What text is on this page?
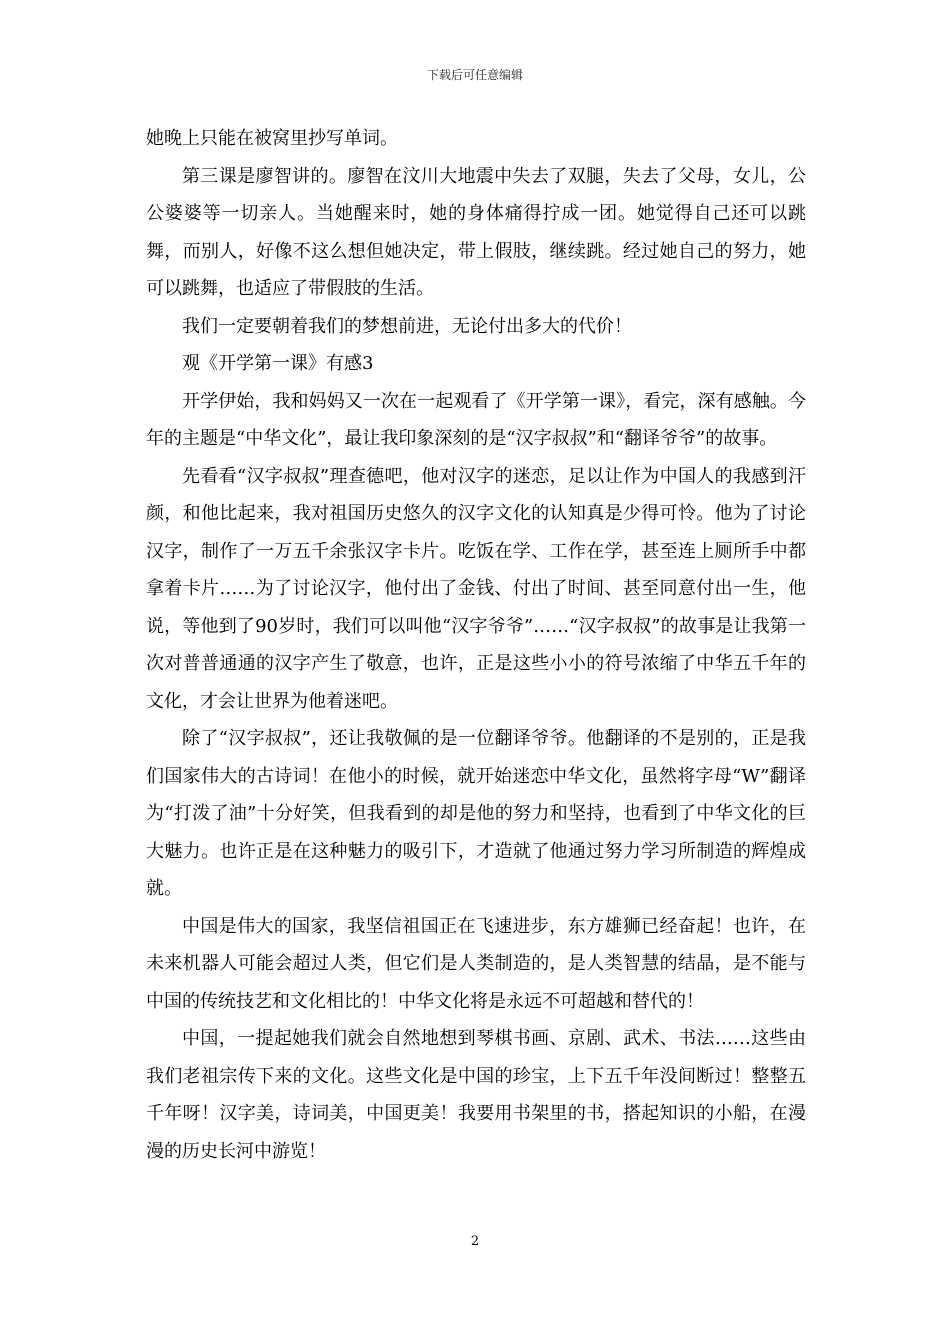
下载后可任意编辑

她晚上只能在被窝里抄写单词。

第三课是廖智讲的。廖智在汶川大地震中失去了双腿，失去了父母，女儿，公公婆婆等一切亲人。当她醒来时，她的身体痛得拧成一团。她觉得自己还可以跳舞，而别人，好像不这么想但她决定，带上假肢，继续跳。经过她自己的努力，她可以跳舞，也适应了带假肢的生活。

我们一定要朝着我们的梦想前进，无论付出多大的代价！

观《开学第一课》有感3

开学伊始，我和妈妈又一次在一起观看了《开学第一课》，看完，深有感触。今年的主题是“中华文化”，最让我印象深刻的是“汉字叔叔”和“翻译爷爷”的故事。

先看看“汉字叔叔”理查德吧，他对汉字的迷恋，足以让作为中国人的我感到汗颜，和他比起来，我对祖国历史悠久的汉字文化的认知真是少得可怜。他为了讨论汉字，制作了一万五千余张汉字卡片。吃饭在学、工作在学，甚至连上厕所手中都拿着卡片……为了讨论汉字，他付出了金钱、付出了时间、甚至同意付出一生，他说，等他到了90岁时，我们可以叫他“汉字爷爷”……“汉字叔叔”的故事是让我第一次对普普通通的汉字产生了敬意，也许，正是这些小小的符号浓缩了中华五千年的文化，才会让世界为他着迷吧。

除了“汉字叔叔”，还让我敬佩的是一位翻译爷爷。他翻译的不是别的，正是我们国家伟大的古诗词！在他小的时候，就开始迷恋中华文化，虽然将字母“W”翻译为“打泼了油”十分好笑，但我看到的却是他的努力和坚持，也看到了中华文化的巨大魅力。也许正是在这种魅力的吸引下，才造就了他通过努力学习所制造的辉煌成就。

中国是伟大的国家，我坚信祖国正在飞速进步，东方雄狮已经奋起！也许，在未来机器人可能会超过人类，但它们是人类制造的，是人类智慧的结晶，是不能与中国的传统技艺和文化相比的！中华文化将是永远不可超越和替代的！

中国，一提起她我们就会自然地想到琴棋书画、京剧、武术、书法……这些由我们老祖宗传下来的文化。这些文化是中国的珍宝，上下五千年没间断过！整整五千年呀！汉字美，诗词美，中国更美！我要用书架里的书，搭起知识的小船，在漫漫的历史长河中游览！

2
